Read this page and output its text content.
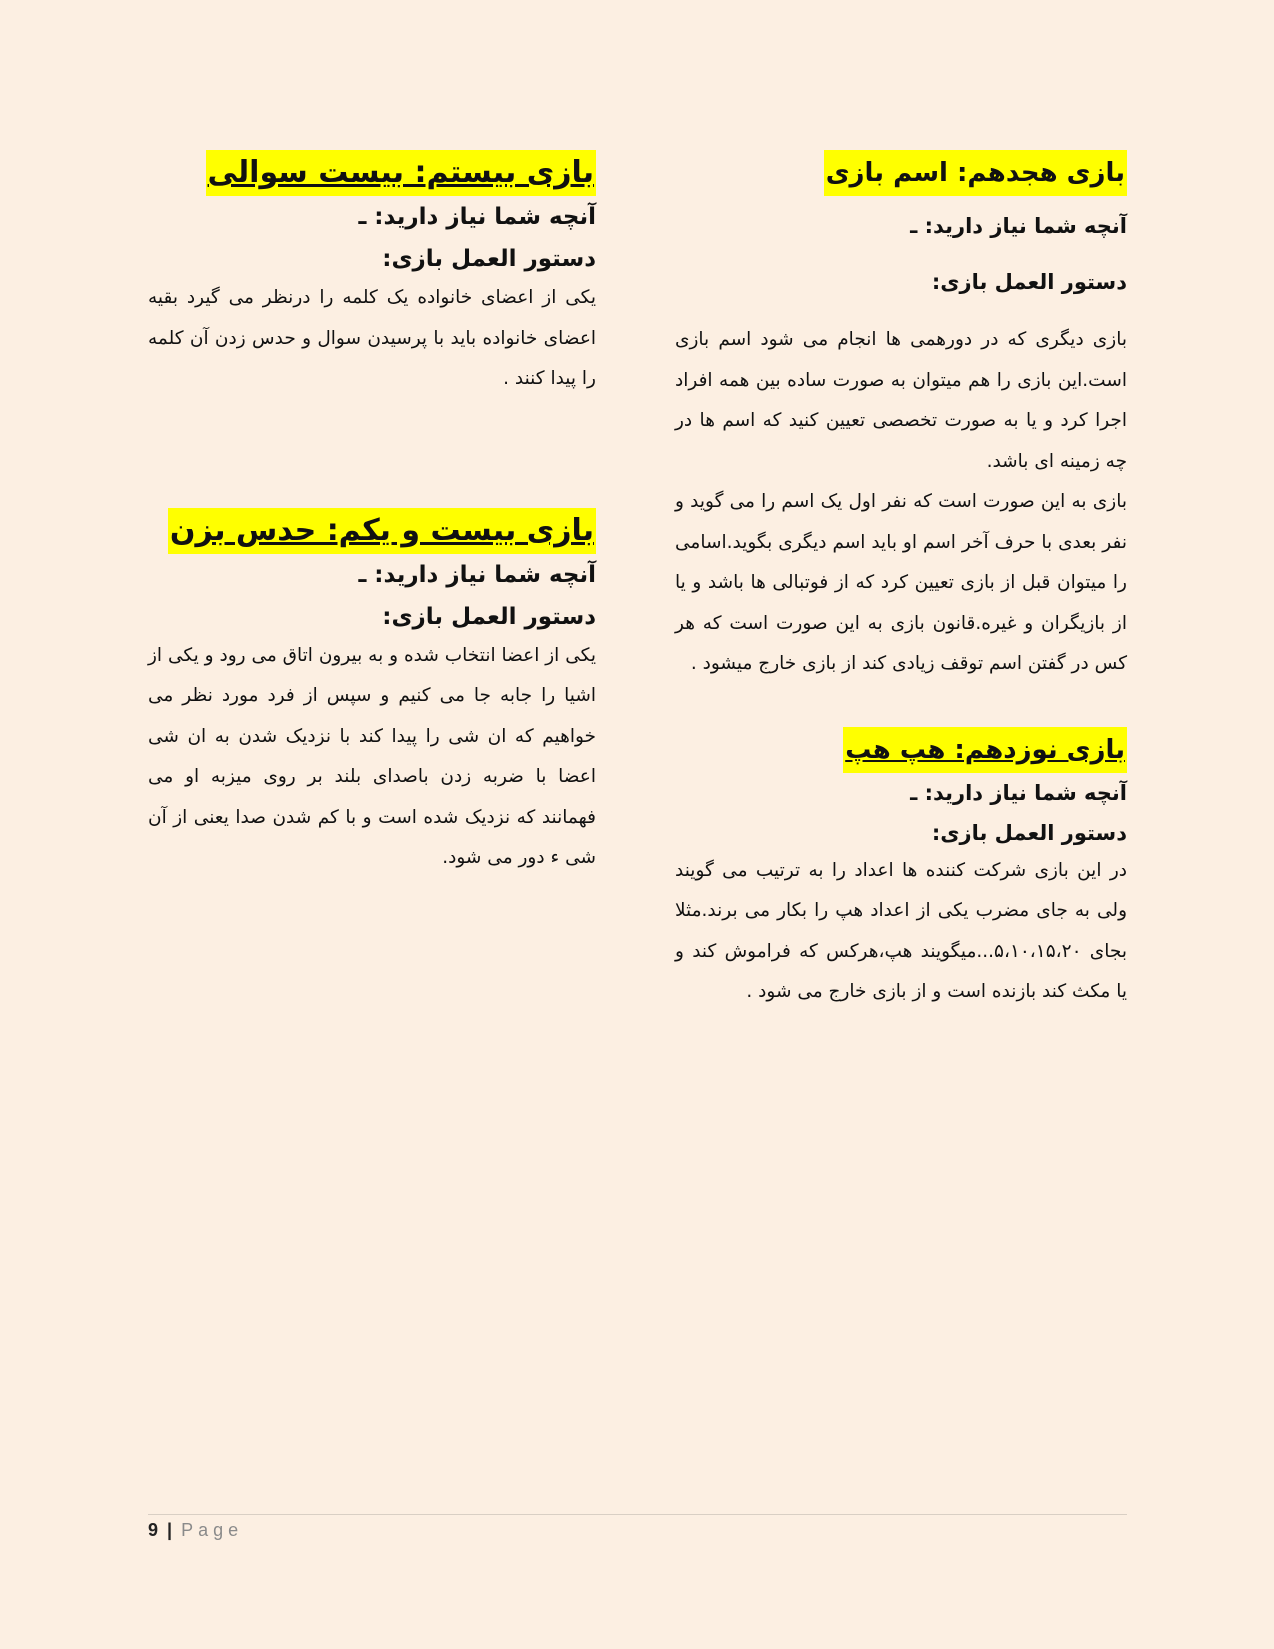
بازی هجدهم: اسم بازی

آنچه شما نیاز دارید: ـ

دستور العمل بازی:

بازی دیگری که در دورهمی ها انجام می شود اسم بازی است.این بازی را هم میتوان به صورت ساده بین همه افراد اجرا کرد و یا به صورت تخصصی تعیین کنید که اسم ها در چه زمینه ای باشد.

بازی به این صورت است که نفر اول یک اسم را می گوید و نفر بعدی با حرف آخر اسم او باید اسم دیگری بگوید.اسامی را میتوان قبل از بازی تعیین کرد که از فوتبالی ها باشد و یا از بازیگران و غیره.قانون بازی به این صورت است که هر کس در گفتن اسم توقف زیادی کند از بازی خارج میشود .

بازی نوزدهم: هپ هپ

آنچه شما نیاز دارید: ـ

دستور العمل بازی:

در این بازی شرکت کننده ها اعداد را به ترتیب می گویند ولی به جای مضرب یکی از اعداد هپ را بکار می برند.مثلا بجای ۵،۱۰،۱۵،۲۰...میگویند هپ،هرکس که فراموش کند و یا مکث کند بازنده است و از بازی خارج می شود .

بازی بیستم: بیست سوالی

آنچه شما نیاز دارید: ـ

دستور العمل بازی:

یکی از اعضای خانواده یک کلمه را درنظر می گیرد بقیه اعضای خانواده باید با پرسیدن سوال و حدس زدن آن کلمه را پیدا کنند .

بازی بیست و یکم: حدس بزن

آنچه شما نیاز دارید: ـ

دستور العمل بازی:

یکی از اعضا انتخاب شده و به بیرون اتاق می رود و یکی از اشیا را جابه جا می کنیم و سپس از فرد مورد نظر می خواهیم که ان شی را پیدا کند با نزدیک شدن به ان شی اعضا با ضربه زدن باصدای بلند بر روی میزبه او می فهمانند که نزدیک شده است و با کم شدن صدا یعنی از آن شی ء دور می شود.

9 | Page
